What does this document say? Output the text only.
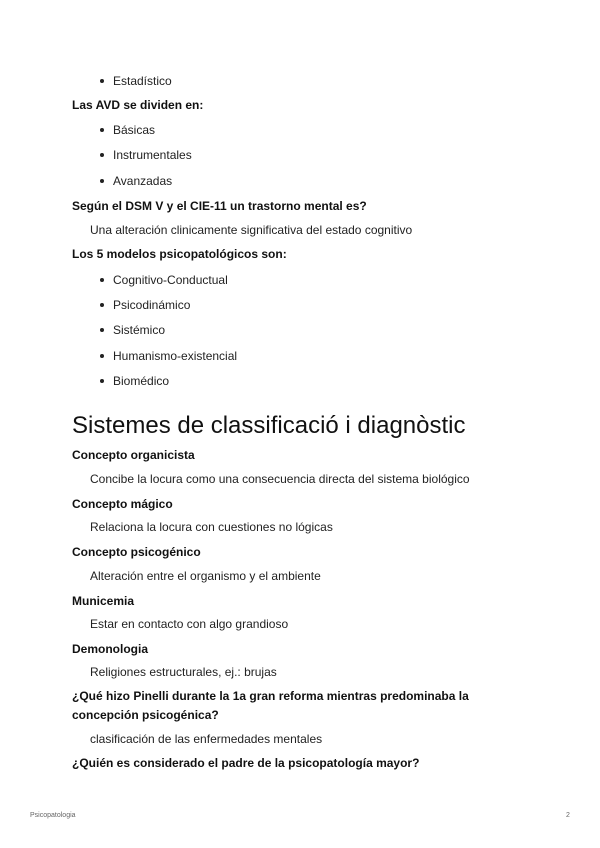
Estadístico
Las AVD se dividen en:
Básicas
Instrumentales
Avanzadas
Según el DSM V y el CIE-11 un trastorno mental es?
Una alteración clinicamente significativa del estado cognitivo
Los 5 modelos psicopatológicos son:
Cognitivo-Conductual
Psicodinámico
Sistémico
Humanismo-existencial
Biomédico
Sistemes de classificació i diagnòstic
Concepto organicista
Concibe la locura como una consecuencia directa del sistema biológico
Concepto mágico
Relaciona la locura con cuestiones no lógicas
Concepto psicogénico
Alteración entre el organismo y el ambiente
Municemia
Estar en contacto con algo grandioso
Demonologia
Religiones estructurales, ej.: brujas
¿Qué hizo Pinelli durante la 1a gran reforma mientras predominaba la concepción psicogénica?
clasificación de las enfermedades mentales
¿Quién es considerado el padre de la psicopatología mayor?
Psicopatologia	2
